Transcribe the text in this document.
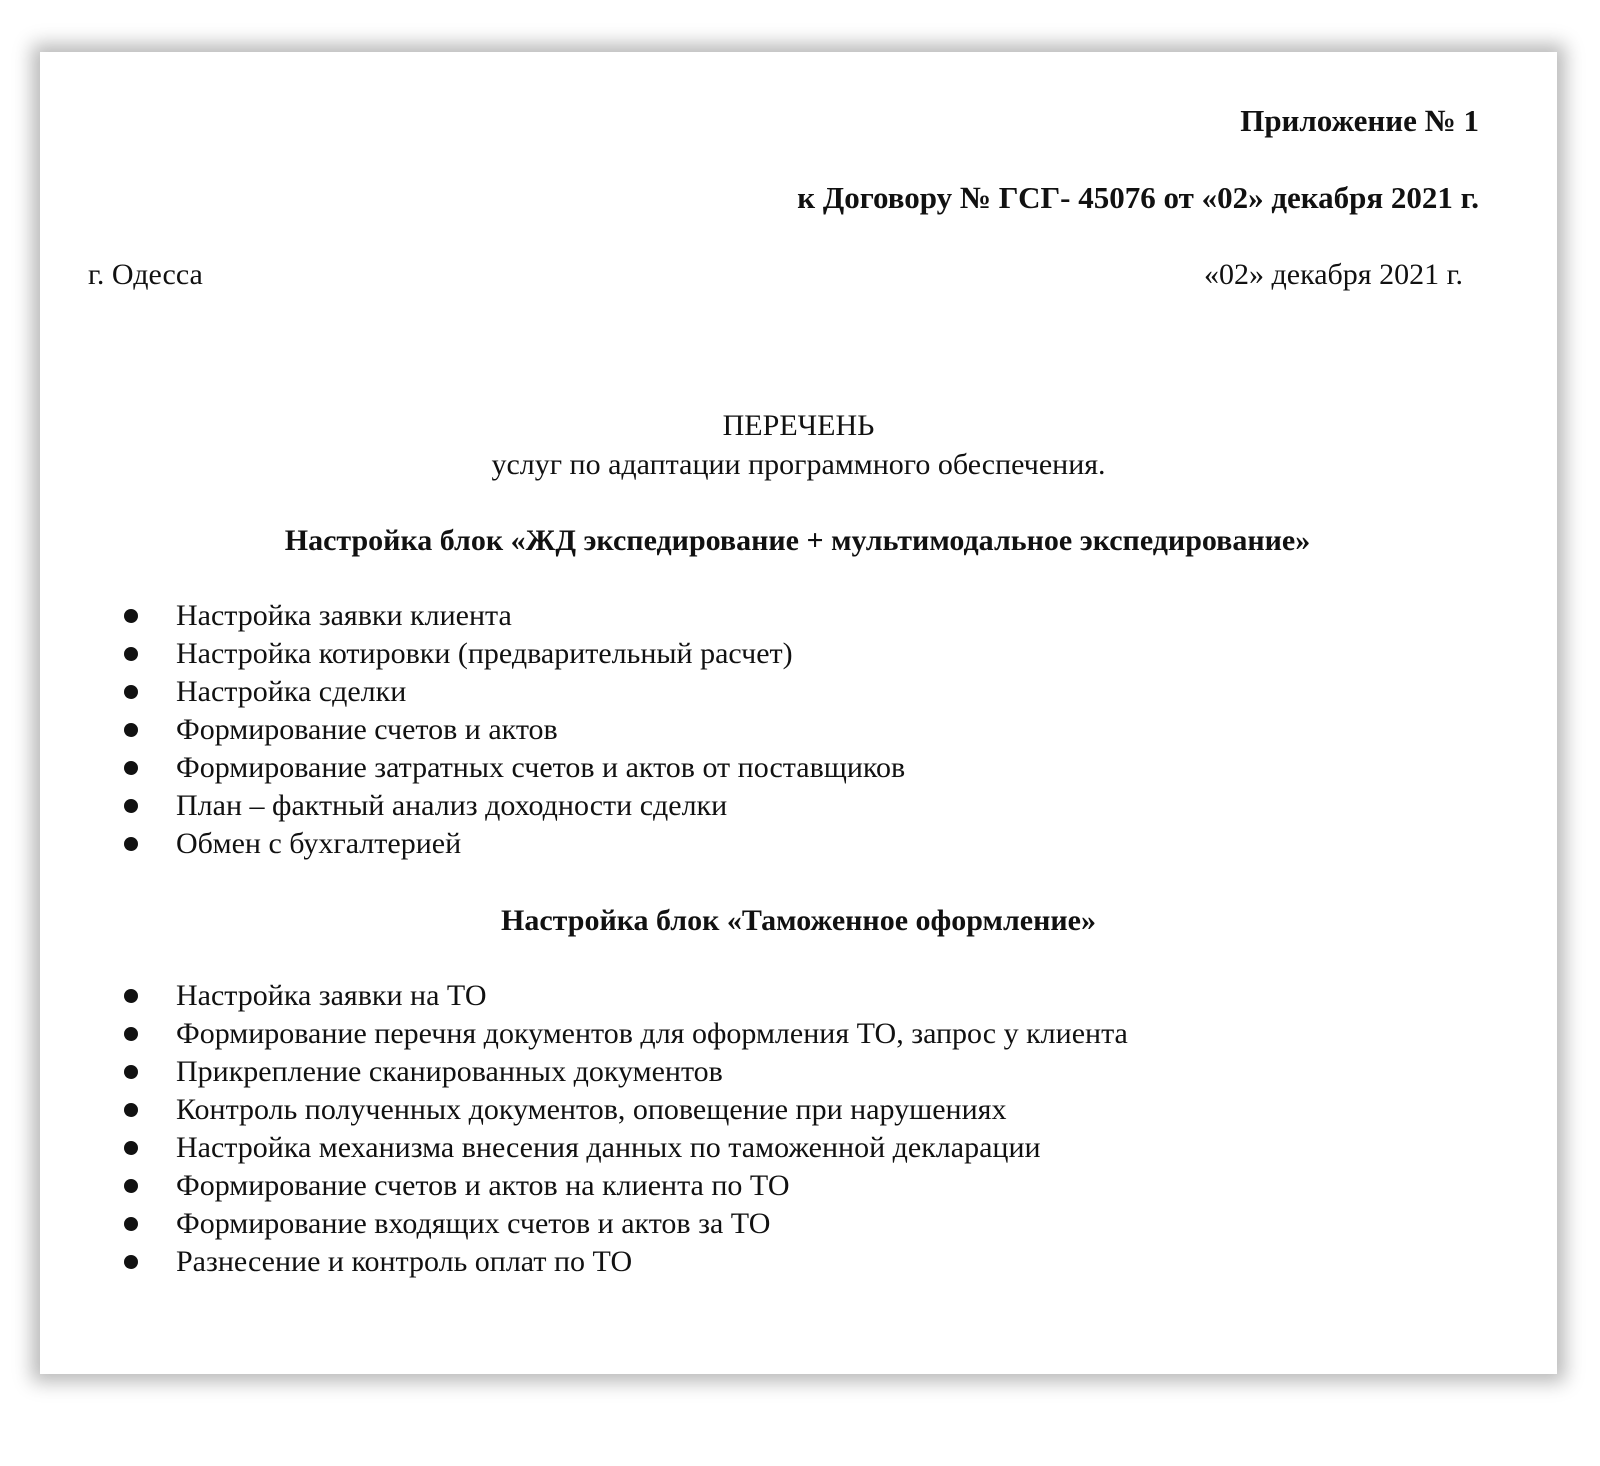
Приложение № 1
к Договору № ГСГ- 45076 от «02» декабря 2021 г.
г. Одесса	«02» декабря 2021 г.
ПЕРЕЧЕНЬ
услуг по адаптации программного обеспечения.
Настройка блок «ЖД экспедирование + мультимодальное экспедирование»
Настройка заявки клиента
Настройка котировки (предварительный расчет)
Настройка сделки
Формирование счетов и актов
Формирование затратных счетов и актов от поставщиков
План – фактный анализ доходности сделки
Обмен с бухгалтерией
Настройка блок «Таможенное оформление»
Настройка заявки на ТО
Формирование перечня документов для оформления ТО, запрос у клиента
Прикрепление сканированных документов
Контроль полученных документов, оповещение при нарушениях
Настройка механизма внесения данных по таможенной декларации
Формирование счетов и актов на клиента по ТО
Формирование входящих счетов и актов за ТО
Разнесение и контроль оплат по ТО
